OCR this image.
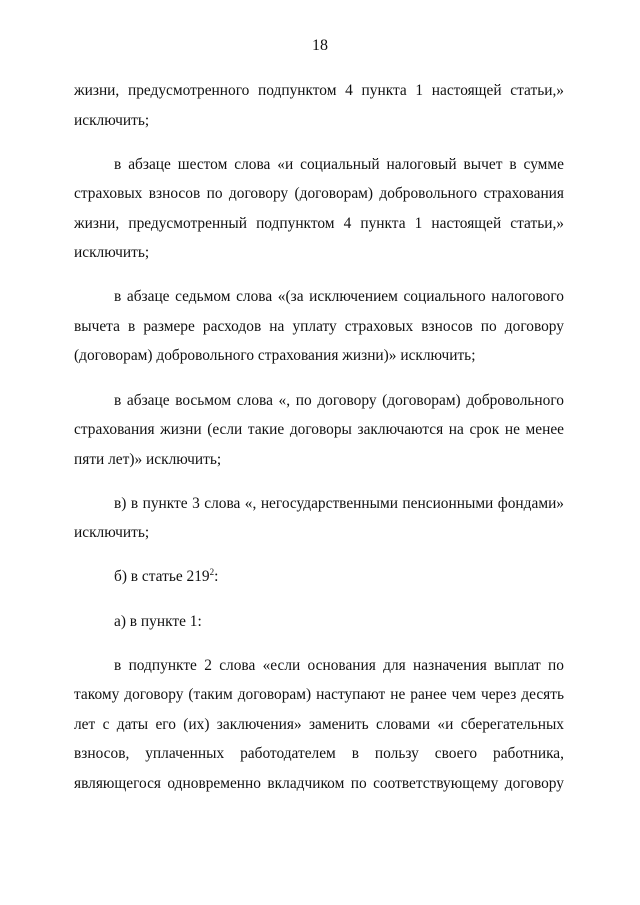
18
жизни, предусмотренного подпунктом 4 пункта 1 настоящей статьи,»
исключить;
в абзаце шестом слова «и социальный налоговый вычет в сумме
страховых взносов по договору (договорам) добровольного страхования
жизни, предусмотренный подпунктом 4 пункта 1 настоящей статьи,»
исключить;
в абзаце седьмом слова «(за исключением социального налогового
вычета в размере расходов на уплату страховых взносов по договору
(договорам) добровольного страхования жизни)» исключить;
в абзаце восьмом слова «, по договору (договорам) добровольного
страхования жизни (если такие договоры заключаются на срок не менее
пяти лет)» исключить;
в) в пункте 3 слова «, негосударственными пенсионными фондами»
исключить;
б) в статье $219^2$:
а) в пункте 1:
в подпункте 2 слова «если основания для назначения выплат по
такому договору (таким договорам) наступают не ранее чем через десять
лет с даты его (их) заключения» заменить словами «и сберегательных
взносов, уплаченных работодателем в пользу своего работника,
являющегося одновременно вкладчиком по соответствующему договору
